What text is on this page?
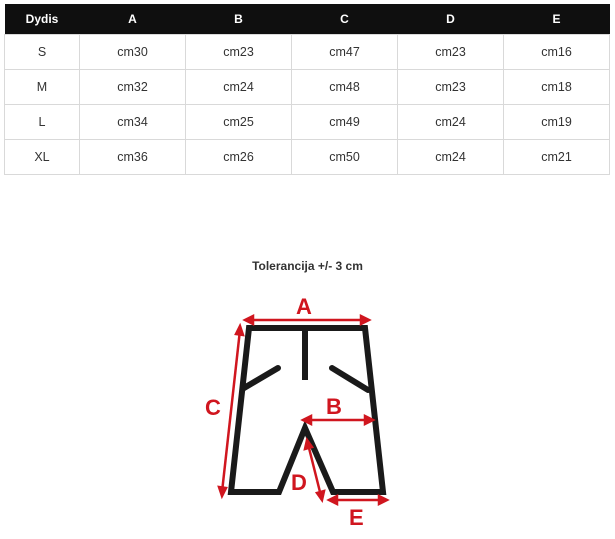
Dydis	A	B	C	D	E
S	cm30	cm23	cm47	cm23	cm16
M	cm32	cm24	cm48	cm23	cm18
L	cm34	cm25	cm49	cm24	cm19
XL	cm36	cm26	cm50	cm24	cm21
Tolerancija +/- 3 cm
A
B
C
D
E
